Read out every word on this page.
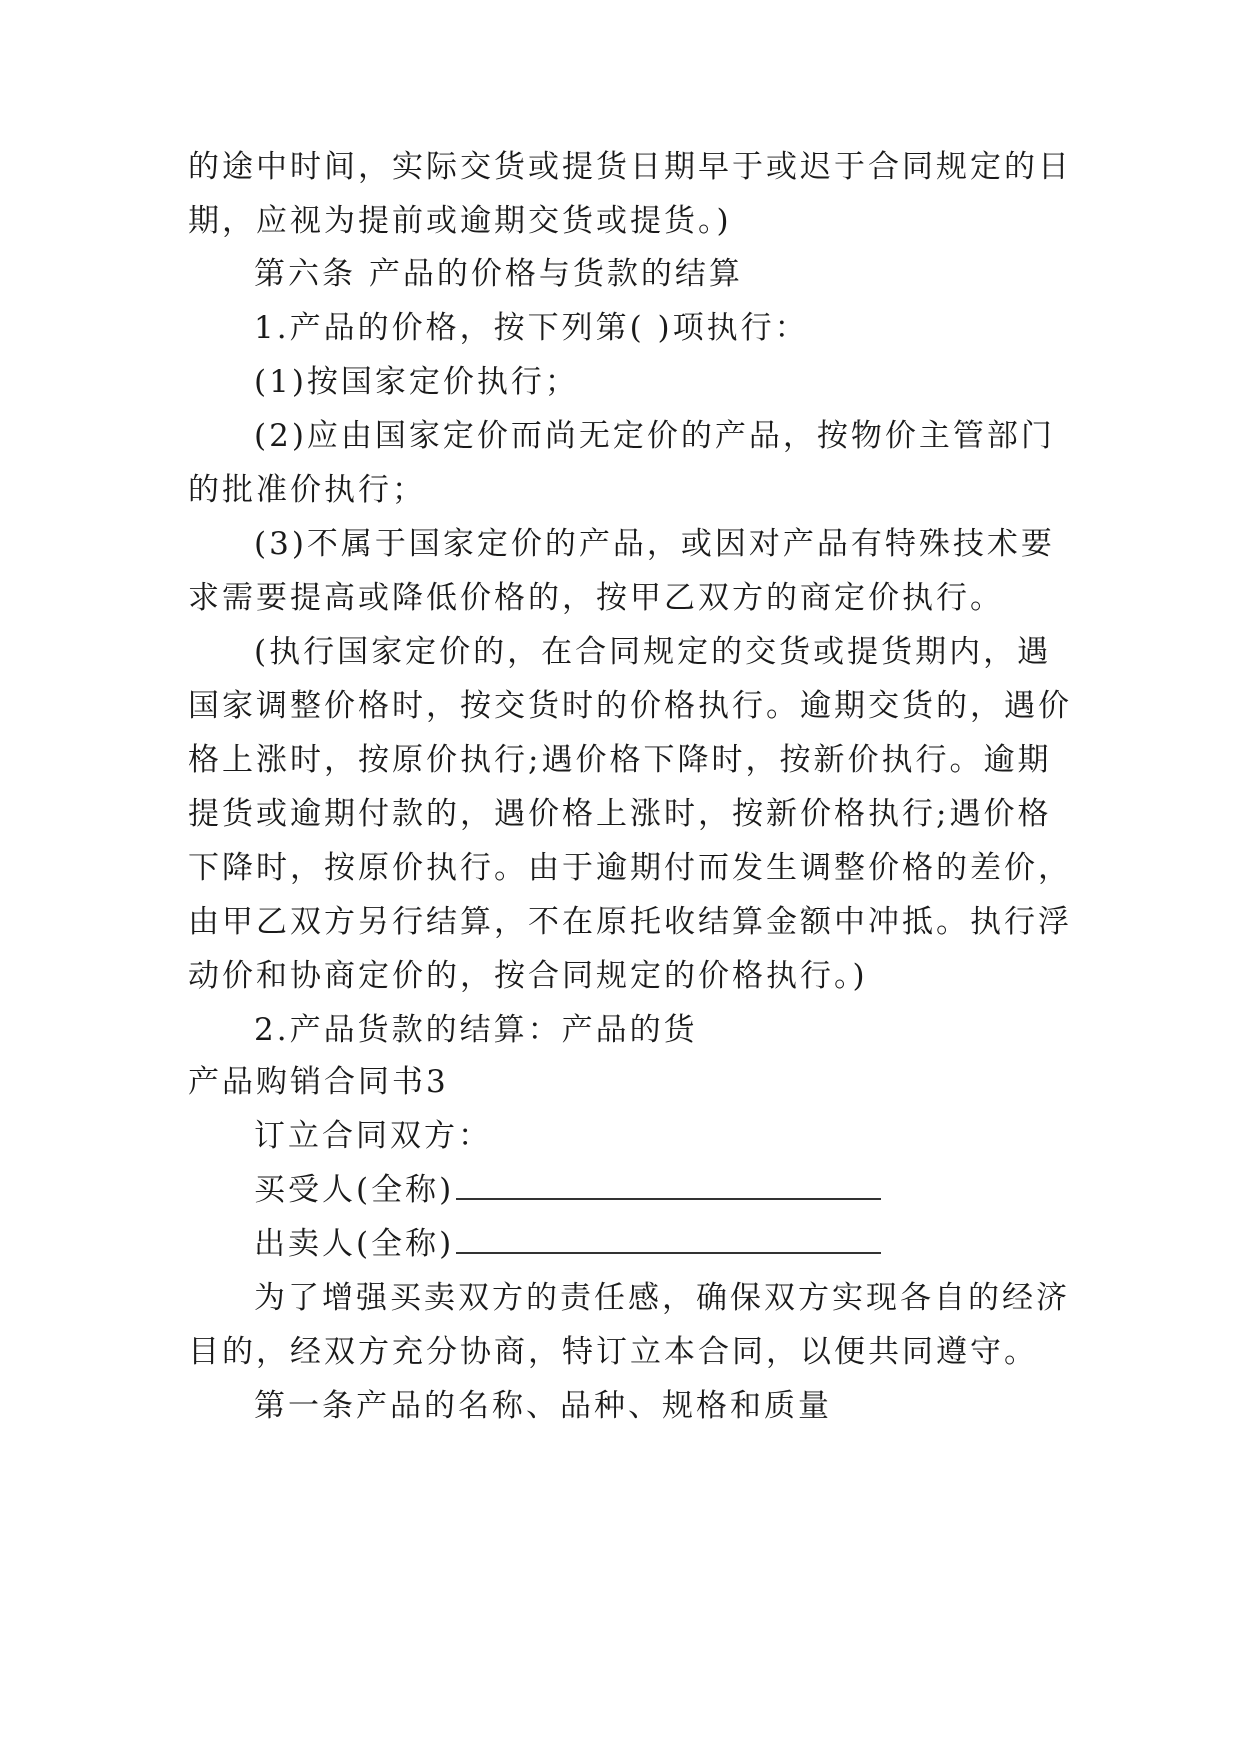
的途中时间，实际交货或提货日期早于或迟于合同规定的日
期，应视为提前或逾期交货或提货。)
第六条 产品的价格与货款的结算
1.产品的价格，按下列第( )项执行：
(1)按国家定价执行；
(2)应由国家定价而尚无定价的产品，按物价主管部门
的批准价执行；
(3)不属于国家定价的产品，或因对产品有特殊技术要
求需要提高或降低价格的，按甲乙双方的商定价执行。
(执行国家定价的，在合同规定的交货或提货期内，遇
国家调整价格时，按交货时的价格执行。逾期交货的，遇价
格上涨时，按原价执行;遇价格下降时，按新价执行。逾期
提货或逾期付款的，遇价格上涨时，按新价格执行;遇价格
下降时，按原价执行。由于逾期付而发生调整价格的差价，
由甲乙双方另行结算，不在原托收结算金额中冲抵。执行浮
动价和协商定价的，按合同规定的价格执行。)
2.产品货款的结算：产品的货
产品购销合同书3
订立合同双方：
买受人(全称)
出卖人(全称)
为了增强买卖双方的责任感，确保双方实现各自的经济
目的，经双方充分协商，特订立本合同，以便共同遵守。
第一条产品的名称、品种、规格和质量
